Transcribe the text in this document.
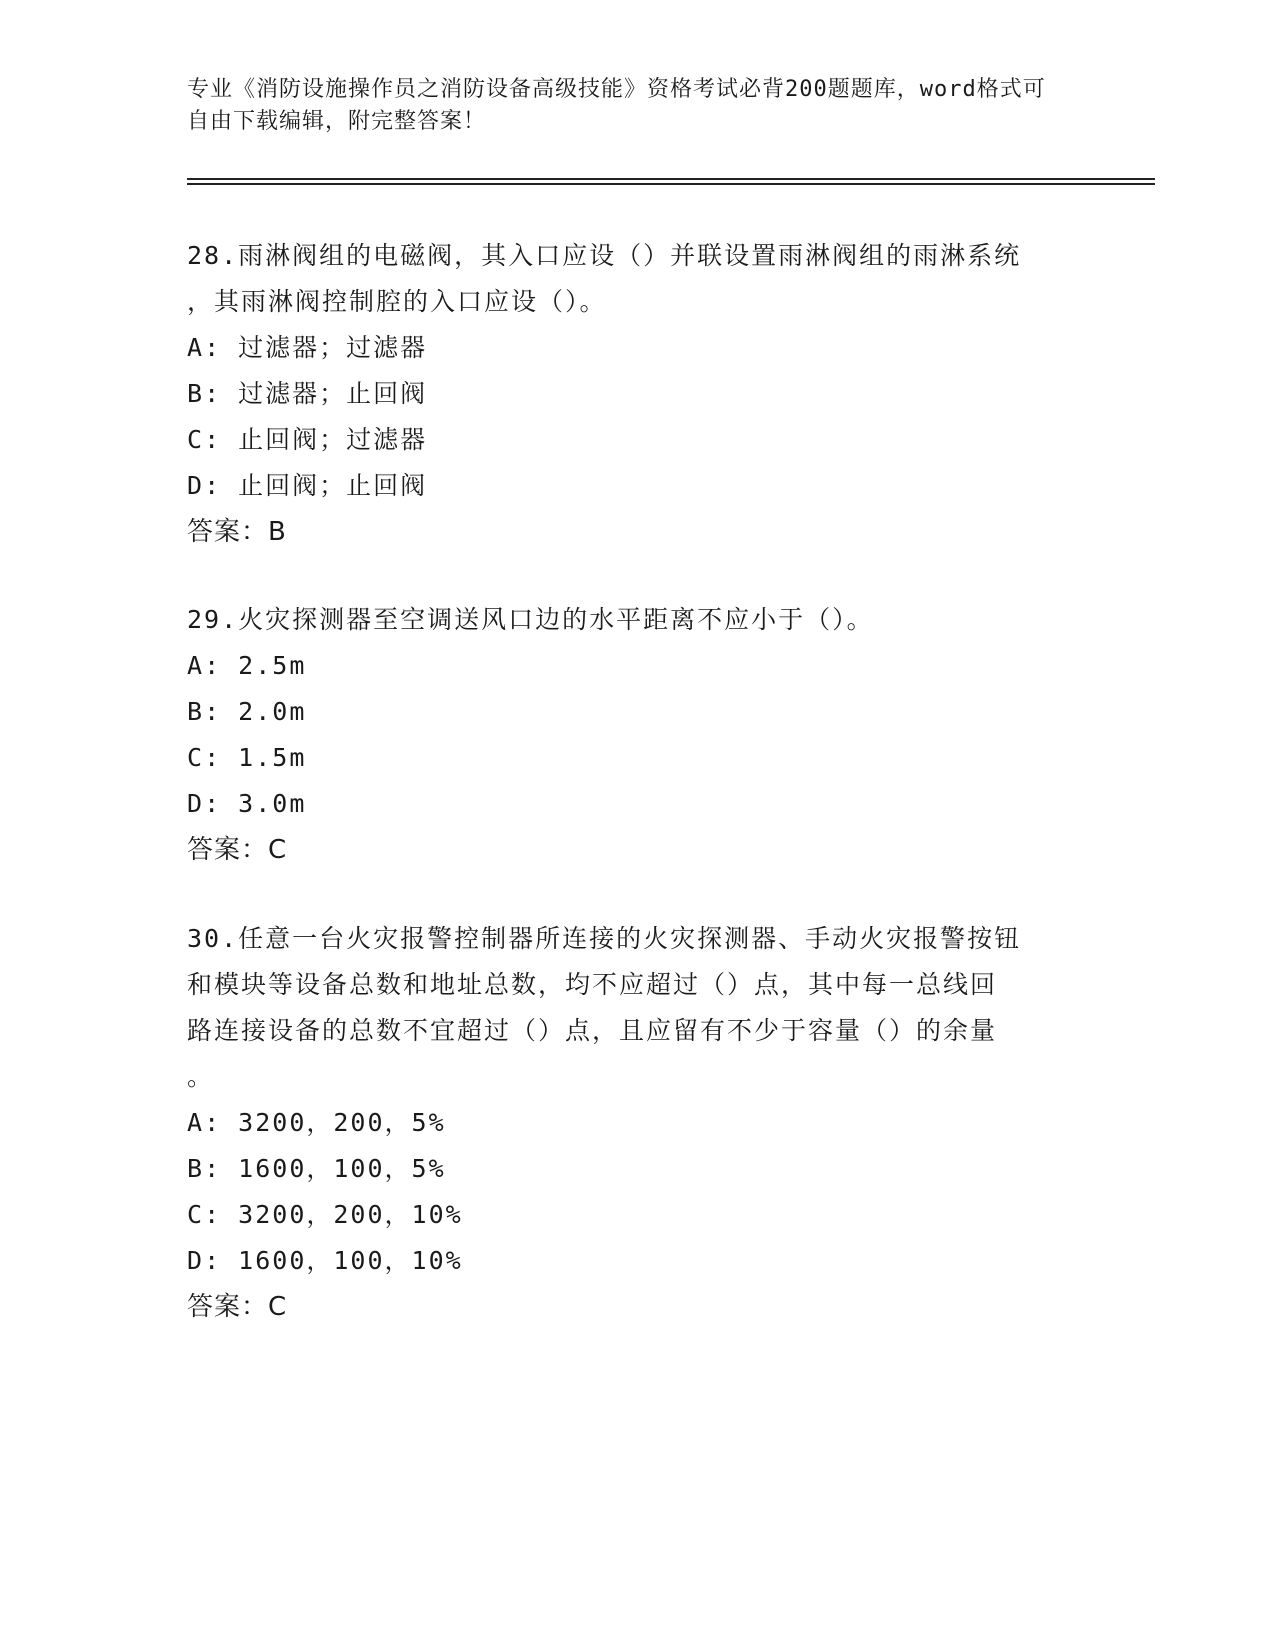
专业《消防设施操作员之消防设备高级技能》资格考试必背200题题库，word格式可自由下载编辑，附完整答案！

28.雨淋阀组的电磁阀，其入口应设（）并联设置雨淋阀组的雨淋系统

，其雨淋阀控制腔的入口应设（）。

A: 过滤器；过滤器

B: 过滤器；止回阀

C: 止回阀；过滤器

D: 止回阀；止回阀

答案：B

29.火灾探测器至空调送风口边的水平距离不应小于（）。

A: 2.5m

B: 2.0m

C: 1.5m

D: 3.0m

答案：C

30.任意一台火灾报警控制器所连接的火灾探测器、手动火灾报警按钮

和模块等设备总数和地址总数，均不应超过（）点，其中每一总线回

路连接设备的总数不宜超过（）点，且应留有不少于容量（）的余量

。

A: 3200，200，5%

B: 1600，100，5%

C: 3200，200，10%

D: 1600，100，10%

答案：C
